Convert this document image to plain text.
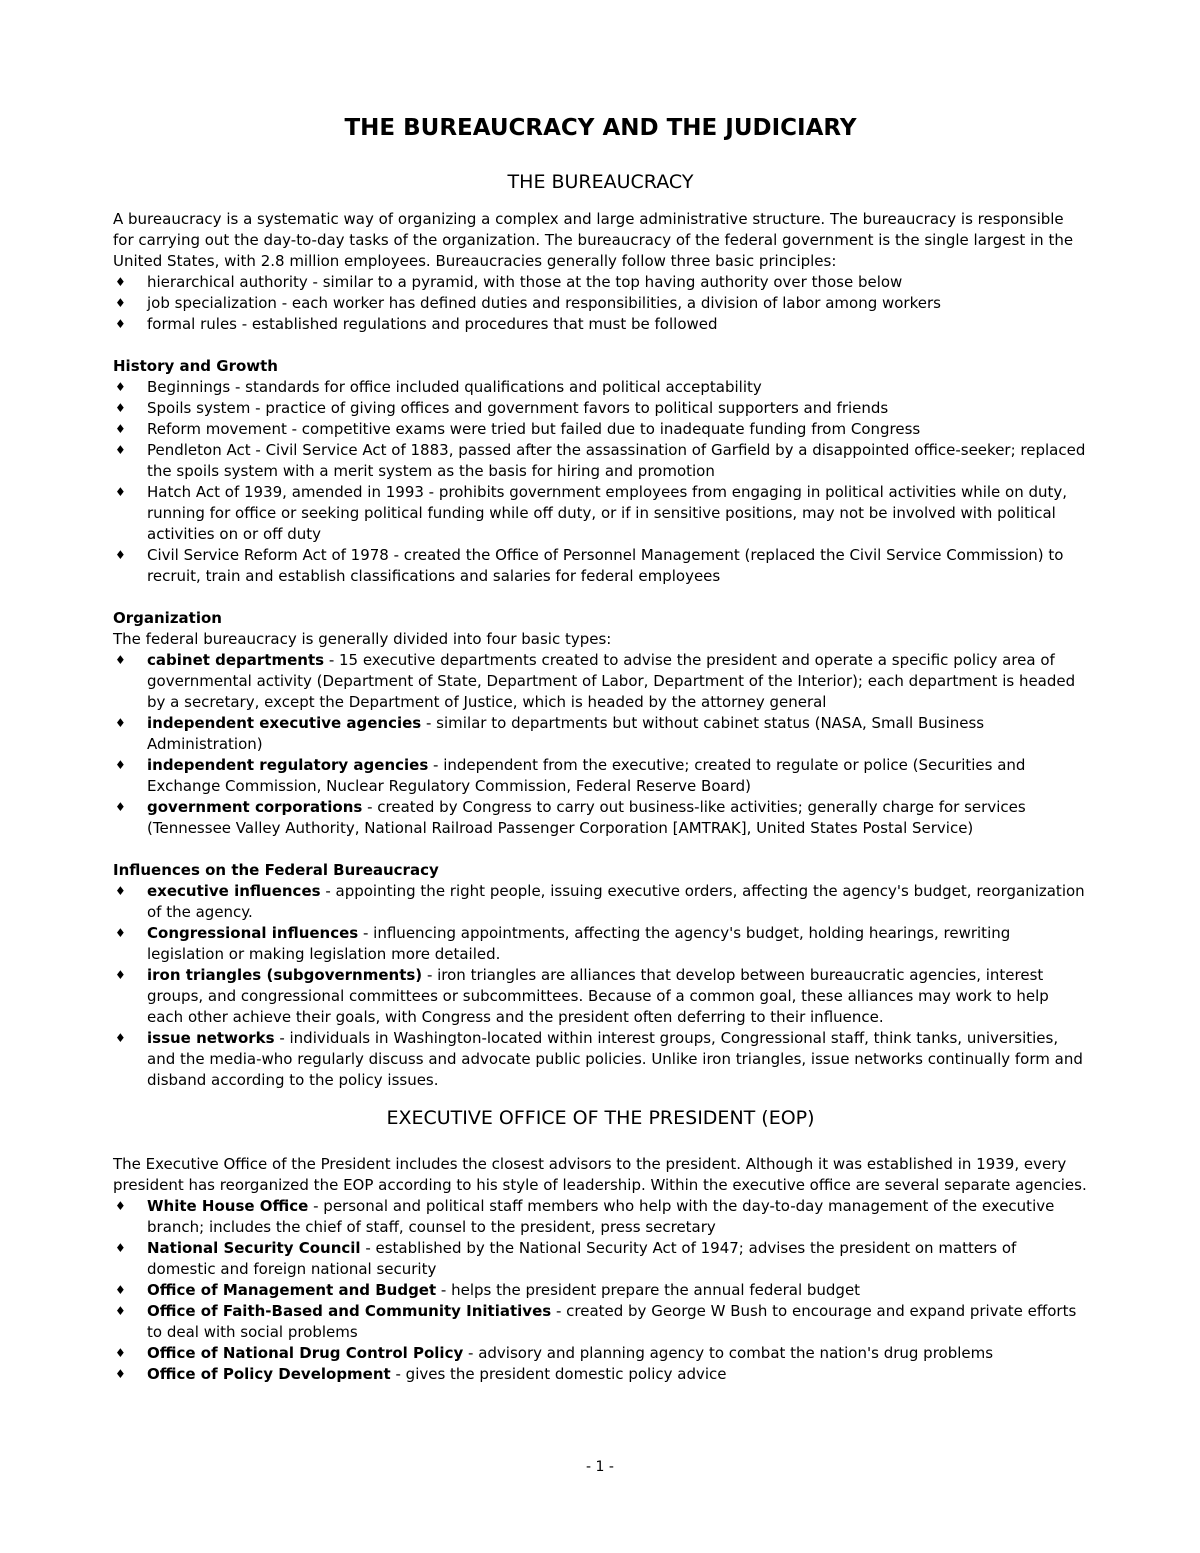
THE BUREAUCRACY AND THE JUDICIARY
THE BUREAUCRACY

A bureaucracy is a systematic way of organizing a complex and large administrative structure. The bureaucracy is responsible for carrying out the day-to-day tasks of the organization. The bureaucracy of the federal government is the single largest in the United States, with 2.8 million employees. Bureaucracies generally follow three basic principles:

♦ hierarchical authority - similar to a pyramid, with those at the top having authority over those below
♦ job specialization - each worker has defined duties and responsibilities, a division of labor among workers
♦ formal rules - established regulations and procedures that must be followed

History and Growth

♦ Beginnings - standards for office included qualifications and political acceptability
♦ Spoils system - practice of giving offices and government favors to political supporters and friends
♦ Reform movement - competitive exams were tried but failed due to inadequate funding from Congress
♦ Pendleton Act - Civil Service Act of 1883, passed after the assassination of Garfield by a disappointed office-seeker; replaced the spoils system with a merit system as the basis for hiring and promotion
♦ Hatch Act of 1939, amended in 1993 - prohibits government employees from engaging in political activities while on duty, running for office or seeking political funding while off duty, or if in sensitive positions, may not be involved with political activities on or off duty
♦ Civil Service Reform Act of 1978 - created the Office of Personnel Management (replaced the Civil Service Commission) to recruit, train and establish classifications and salaries for federal employees

Organization

The federal bureaucracy is generally divided into four basic types:

♦ cabinet departments - 15 executive departments created to advise the president and operate a specific policy area of governmental activity (Department of State, Department of Labor, Department of the Interior); each department is headed by a secretary, except the Department of Justice, which is headed by the attorney general
♦ independent executive agencies - similar to departments but without cabinet status (NASA, Small Business Administration)
♦ independent regulatory agencies - independent from the executive; created to regulate or police (Securities and Exchange Commission, Nuclear Regulatory Commission, Federal Reserve Board)
♦ government corporations - created by Congress to carry out business-like activities; generally charge for services (Tennessee Valley Authority, National Railroad Passenger Corporation [AMTRAK], United States Postal Service)

Influences on the Federal Bureaucracy

♦ executive influences - appointing the right people, issuing executive orders, affecting the agency's budget, reorganization of the agency.
♦ Congressional influences - influencing appointments, affecting the agency's budget, holding hearings, rewriting legislation or making legislation more detailed.
♦ iron triangles (subgovernments) - iron triangles are alliances that develop between bureaucratic agencies, interest groups, and congressional committees or subcommittees. Because of a common goal, these alliances may work to help each other achieve their goals, with Congress and the president often deferring to their influence.
♦ issue networks - individuals in Washington-located within interest groups, Congressional staff, think tanks, universities, and the media-who regularly discuss and advocate public policies. Unlike iron triangles, issue networks continually form and disband according to the policy issues.
EXECUTIVE OFFICE OF THE PRESIDENT (EOP)

The Executive Office of the President includes the closest advisors to the president. Although it was established in 1939, every president has reorganized the EOP according to his style of leadership. Within the executive office are several separate agencies.

♦ White House Office - personal and political staff members who help with the day-to-day management of the executive branch; includes the chief of staff, counsel to the president, press secretary
♦ National Security Council - established by the National Security Act of 1947; advises the president on matters of domestic and foreign national security
♦ Office of Management and Budget - helps the president prepare the annual federal budget
♦ Office of Faith-Based and Community Initiatives - created by George W Bush to encourage and expand private efforts to deal with social problems
♦ Office of National Drug Control Policy - advisory and planning agency to combat the nation's drug problems
♦ Office of Policy Development - gives the president domestic policy advice
- 1 -
